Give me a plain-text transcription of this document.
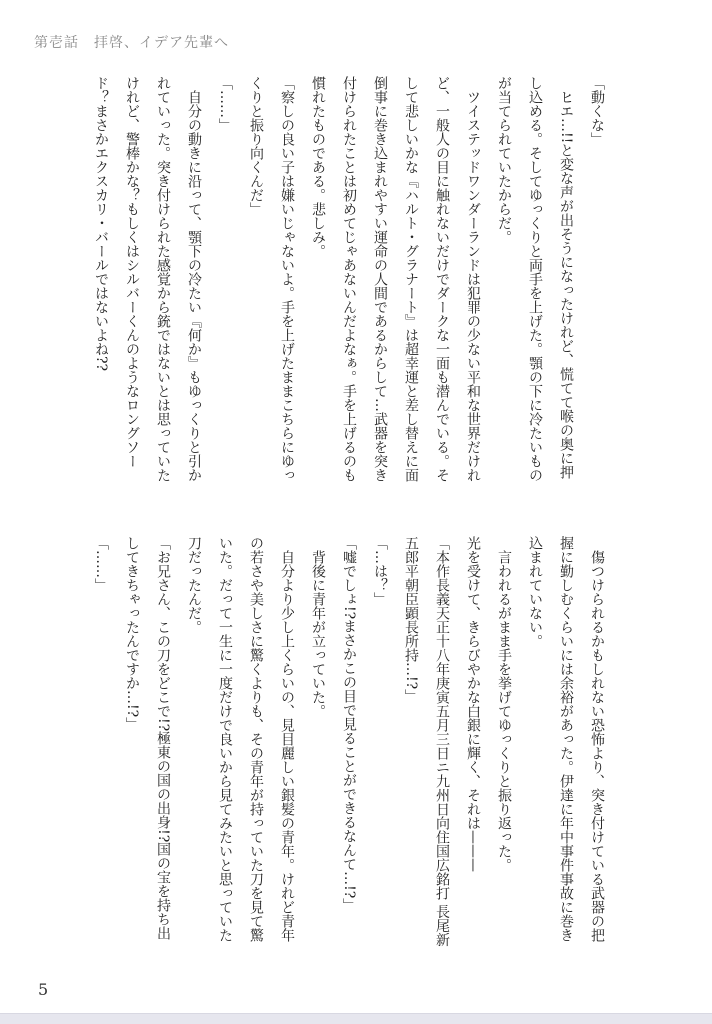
第壱話　拝啓、イデア先輩へ
「動くな」
　ヒエ…!!と変な声が出そうになったけれど、慌てて喉の奥に押
し込める。そしてゆっくりと両手を上げた。顎の下に冷たいもの
が当てられていたからだ。
　ツイステッドワンダーランドは犯罪の少ない平和な世界だけれ
ど、一般人の目に触れないだけでダークな一面も潜んでいる。そ
して悲しいかな『ハルト・グラナート』は超幸運と差し替えに面
倒事に巻き込まれやすい運命の人間であるからして…武器を突き
付けられたことは初めてじゃあないんだよなぁ。手を上げるのも
慣れたものである。悲しみ。
「察しの良い子は嫌いじゃないよ。手を上げたままこちらにゆっ
くりと振り向くんだ」
「……」
　自分の動きに沿って、顎下の冷たい『何か』もゆっくりと引か
れていった。突き付けられた感覚から銃ではないとは思っていた
けれど、警棒かな？もしくはシルバーくんのようなロングソー
ド？まさかエクスカリ・バールではないよね??
　傷つけられるかもしれない恐怖より、突き付けている武器の把
握に勤しむくらいには余裕があった。伊達に年中事件事故に巻き
込まれていない。
　言われるがまま手を挙げてゆっくりと振り返った。
光を受けて、きらびやかな白銀に輝く、それは———
「本作長義天正十八年庚寅五月三日ニ九州日向住国広銘打 長尾新
五郎平朝臣顕長所持…!?」
「…は？」
「嘘でしょ!?まさかこの目で見ることができるなんて…!?」
　背後に青年が立っていた。
　自分より少し上くらいの、見目麗しい銀髪の青年。けれど青年
の若さや美しさに驚くよりも、その青年が持っていた刀を見て驚
いた。だって一生に一度だけで良いから見てみたいと思っていた
刀だったんだ。
「お兄さん、この刀をどこで!?極東の国の出身!?国の宝を持ち出
してきちゃったんですか…!?」
「……」
5
